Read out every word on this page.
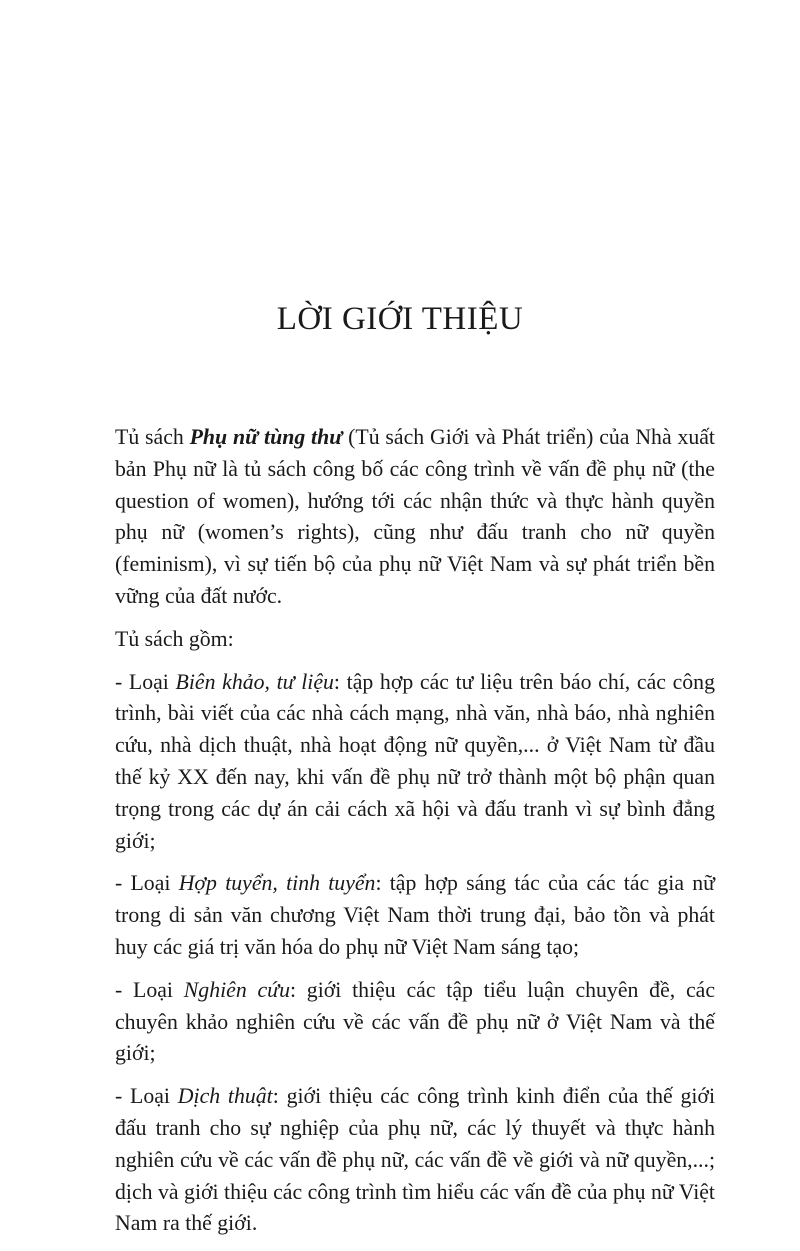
LỜI GIỚI THIỆU

Tủ sách Phụ nữ tùng thư (Tủ sách Giới và Phát triển) của Nhà xuất bản Phụ nữ là tủ sách công bố các công trình về vấn đề phụ nữ (the question of women), hướng tới các nhận thức và thực hành quyền phụ nữ (women’s rights), cũng như đấu tranh cho nữ quyền (feminism), vì sự tiến bộ của phụ nữ Việt Nam và sự phát triển bền vững của đất nước.

Tủ sách gồm:

- Loại Biên khảo, tư liệu: tập hợp các tư liệu trên báo chí, các công trình, bài viết của các nhà cách mạng, nhà văn, nhà báo, nhà nghiên cứu, nhà dịch thuật, nhà hoạt động nữ quyền,... ở Việt Nam từ đầu thế kỷ XX đến nay, khi vấn đề phụ nữ trở thành một bộ phận quan trọng trong các dự án cải cách xã hội và đấu tranh vì sự bình đẳng giới;

- Loại Hợp tuyển, tinh tuyển: tập hợp sáng tác của các tác gia nữ trong di sản văn chương Việt Nam thời trung đại, bảo tồn và phát huy các giá trị văn hóa do phụ nữ Việt Nam sáng tạo;

- Loại Nghiên cứu: giới thiệu các tập tiểu luận chuyên đề, các chuyên khảo nghiên cứu về các vấn đề phụ nữ ở Việt Nam và thế giới;

- Loại Dịch thuật: giới thiệu các công trình kinh điển của thế giới đấu tranh cho sự nghiệp của phụ nữ, các lý thuyết và thực hành nghiên cứu về các vấn đề phụ nữ, các vấn đề về giới và nữ quyền,...; dịch và giới thiệu các công trình tìm hiểu các vấn đề của phụ nữ Việt Nam ra thế giới.
